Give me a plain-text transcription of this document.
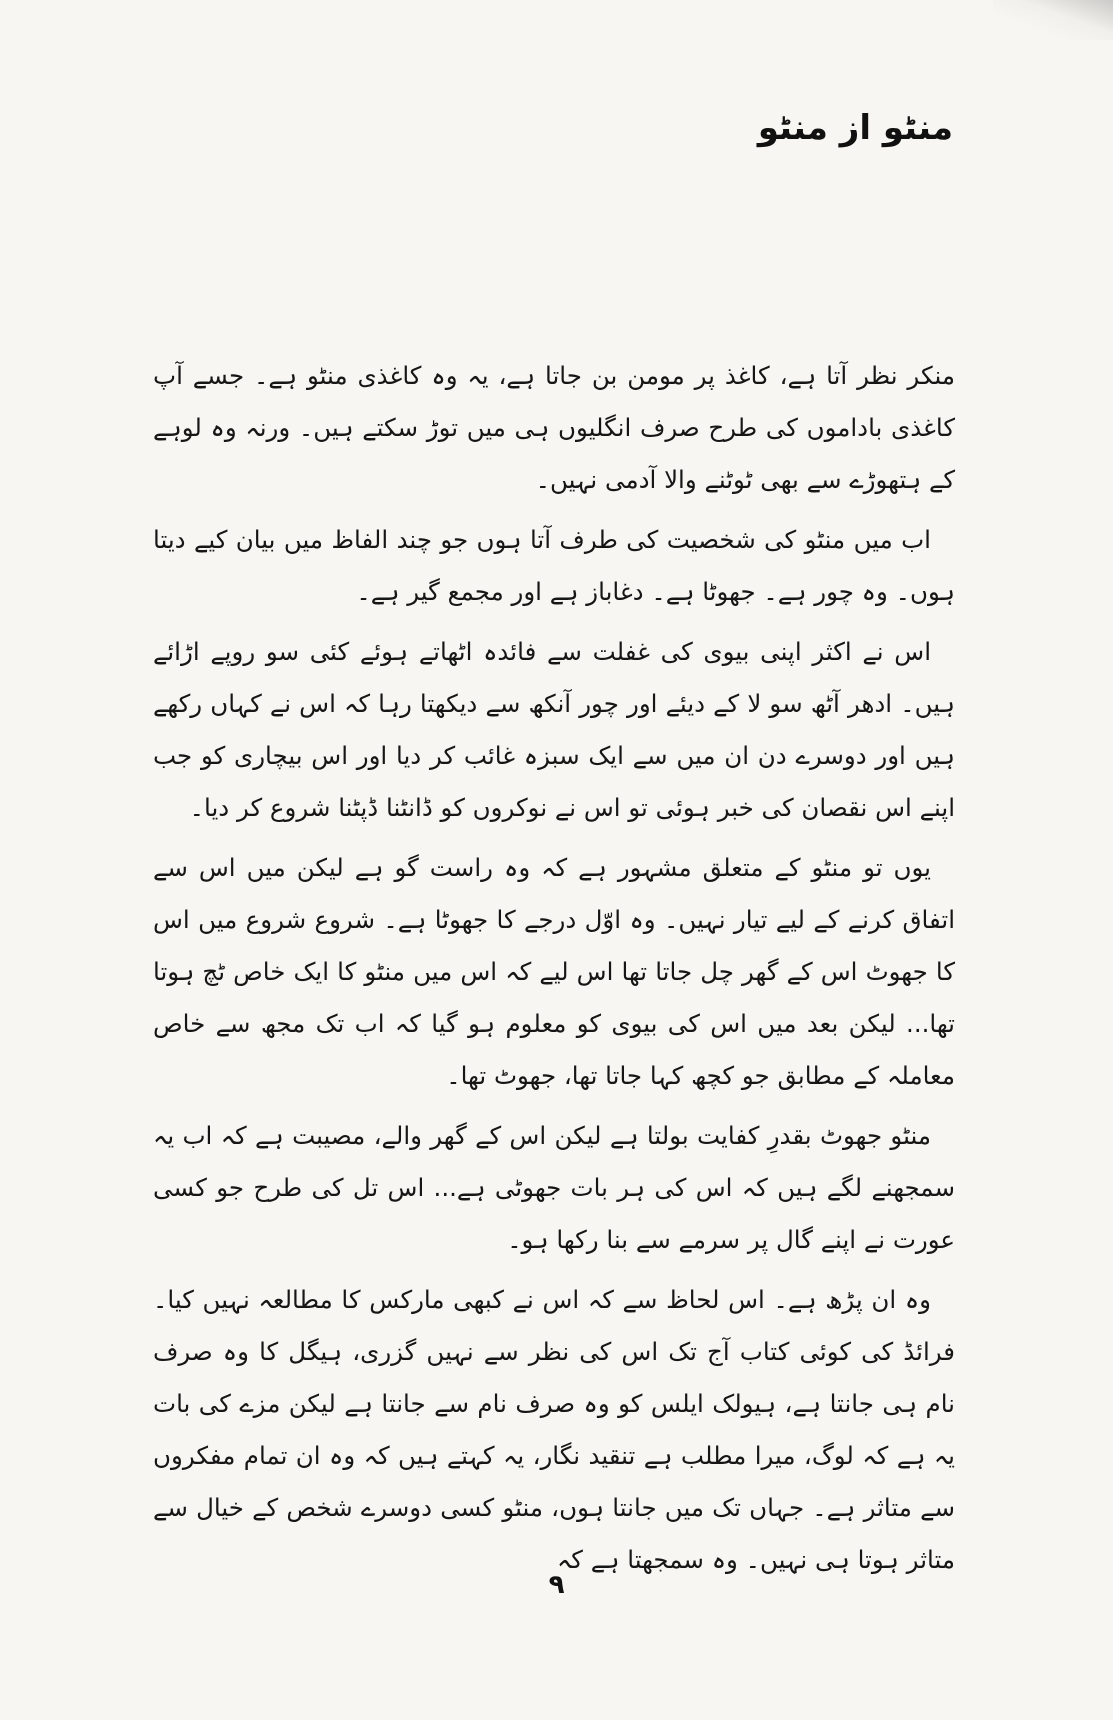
منٹو از منٹو

منکر نظر آتا ہے، کاغذ پر مومن بن جاتا ہے، یہ وہ کاغذی منٹو ہے۔ جسے آپ کاغذی باداموں کی طرح صرف انگلیوں ہی میں توڑ سکتے ہیں۔ ورنہ وہ لوہے کے ہتھوڑے سے بھی ٹوٹنے والا آدمی نہیں۔

اب میں منٹو کی شخصیت کی طرف آتا ہوں جو چند الفاظ میں بیان کیے دیتا ہوں۔ وہ چور ہے۔ جھوٹا ہے۔ دغاباز ہے اور مجمع گیر ہے۔

اس نے اکثر اپنی بیوی کی غفلت سے فائدہ اٹھاتے ہوئے کئی سو روپے اڑائے ہیں۔ ادھر آٹھ سو لا کے دیئے اور چور آنکھ سے دیکھتا رہا کہ اس نے کہاں رکھے ہیں اور دوسرے دن ان میں سے ایک سبزہ غائب کر دیا اور اس بیچاری کو جب اپنے اس نقصان کی خبر ہوئی تو اس نے نوکروں کو ڈانٹنا ڈپٹنا شروع کر دیا۔

یوں تو منٹو کے متعلق مشہور ہے کہ وہ راست گو ہے لیکن میں اس سے اتفاق کرنے کے لیے تیار نہیں۔ وہ اوّل درجے کا جھوٹا ہے۔ شروع شروع میں اس کا جھوٹ اس کے گھر چل جاتا تھا اس لیے کہ اس میں منٹو کا ایک خاص ٹچ ہوتا تھا... لیکن بعد میں اس کی بیوی کو معلوم ہو گیا کہ اب تک مجھ سے خاص معاملہ کے مطابق جو کچھ کہا جاتا تھا، جھوٹ تھا۔

منٹو جھوٹ بقدرِ کفایت بولتا ہے لیکن اس کے گھر والے، مصیبت ہے کہ اب یہ سمجھنے لگے ہیں کہ اس کی ہر بات جھوٹی ہے... اس تل کی طرح جو کسی عورت نے اپنے گال پر سرمے سے بنا رکھا ہو۔

وہ ان پڑھ ہے۔ اس لحاظ سے کہ اس نے کبھی مارکس کا مطالعہ نہیں کیا۔ فرائڈ کی کوئی کتاب آج تک اس کی نظر سے نہیں گزری، ہیگل کا وہ صرف نام ہی جانتا ہے، ہیولک ایلس کو وہ صرف نام سے جانتا ہے لیکن مزے کی بات یہ ہے کہ لوگ، میرا مطلب ہے تنقید نگار، یہ کہتے ہیں کہ وہ ان تمام مفکروں سے متاثر ہے۔ جہاں تک میں جانتا ہوں، منٹو کسی دوسرے شخص کے خیال سے متاثر ہوتا ہی نہیں۔ وہ سمجھتا ہے کہ

۹
